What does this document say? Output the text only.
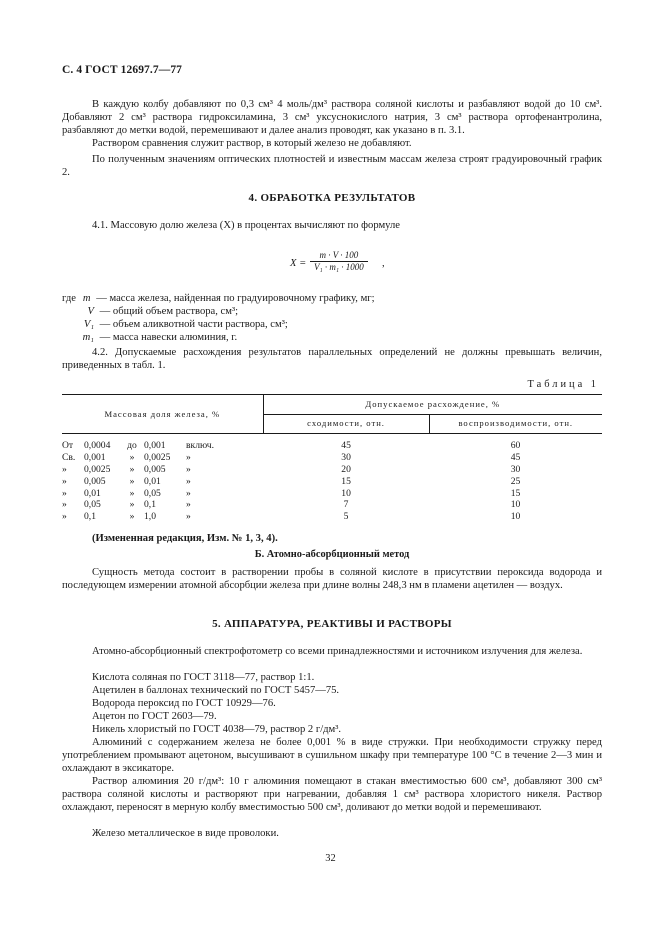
С. 4 ГОСТ 12697.7—77

В каждую колбу добавляют по 0,3 см³ 4 моль/дм³ раствора соляной кислоты и разбавляют водой до 10 см³. Добавляют 2 см³ раствора гидроксиламина, 3 см³ уксуснокислого натрия, 3 см³ раствора ортофенантролина, разбавляют до метки водой, перемешивают и далее анализ проводят, как указано в п. 3.1.

Раствором сравнения служит раствор, в который железо не добавляют.

По полученным значениям оптических плотностей и известным массам железа строят градуировочный график 2.

4. ОБРАБОТКА РЕЗУЛЬТАТОВ

4.1. Массовую долю железа (X) в процентах вычисляют по формуле

$X = \frac{m \cdot V \cdot 100}{\text{V₁ · m₁ · 1000}}$ ,
где m — масса железа, найденная по градуировочному графику, мг;
V — общий объем раствора, см³;
V₁ — объем аликвотной части раствора, см³;
m₁ — масса навески алюминия, г.

4.2. Допускаемые расхождения результатов параллельных определений не должны превышать величин, приведенных в табл. 1.

Таблица 1
Массовая доля железа, %	Допускаемое расхождение, %	
	сходимости, отн.	воспроизводимости, отн.
От 0,0004 до 0,001 включ.	45	60
Св. 0,001 » 0,0025 »	30	45
» 0,0025 » 0,005 »	20	30
» 0,005 » 0,01 »	15	25
» 0,01 » 0,05 »	10	15
» 0,05 » 0,1 »	7	10
» 0,1 » 1,0 »	5	10
(Измененная редакция, Изм. № 1, 3, 4).
Б. Атомно-абсорбционный метод

Сущность метода состоит в растворении пробы в соляной кислоте в присутствии пероксида водорода и последующем измерении атомной абсорбции железа при длине волны 248,3 нм в пламени ацетилен — воздух.

5. АППАРАТУРА, РЕАКТИВЫ И РАСТВОРЫ

Атомно-абсорбционный спектрофотометр со всеми принадлежностями и источником излучения для железа.

Кислота соляная по ГОСТ 3118—77, раствор 1:1.

Ацетилен в баллонах технический по ГОСТ 5457—75.

Водорода пероксид по ГОСТ 10929—76.

Ацетон по ГОСТ 2603—79.

Никель хлористый по ГОСТ 4038—79, раствор 2 г/дм³.

Алюминий с содержанием железа не более 0,001 % в виде стружки. При необходимости стружку перед употреблением промывают ацетоном, высушивают в сушильном шкафу при температуре 100 °С в течение 2—3 мин и охлаждают в эксикаторе.

Раствор алюминия 20 г/дм³: 10 г алюминия помещают в стакан вместимостью 600 см³, добавляют 300 см³ раствора соляной кислоты и растворяют при нагревании, добавляя 1 см³ раствора хлористого никеля. Раствор охлаждают, переносят в мерную колбу вместимостью 500 см³, доливают до метки водой и перемешивают.

Железо металлическое в виде проволоки.

32
